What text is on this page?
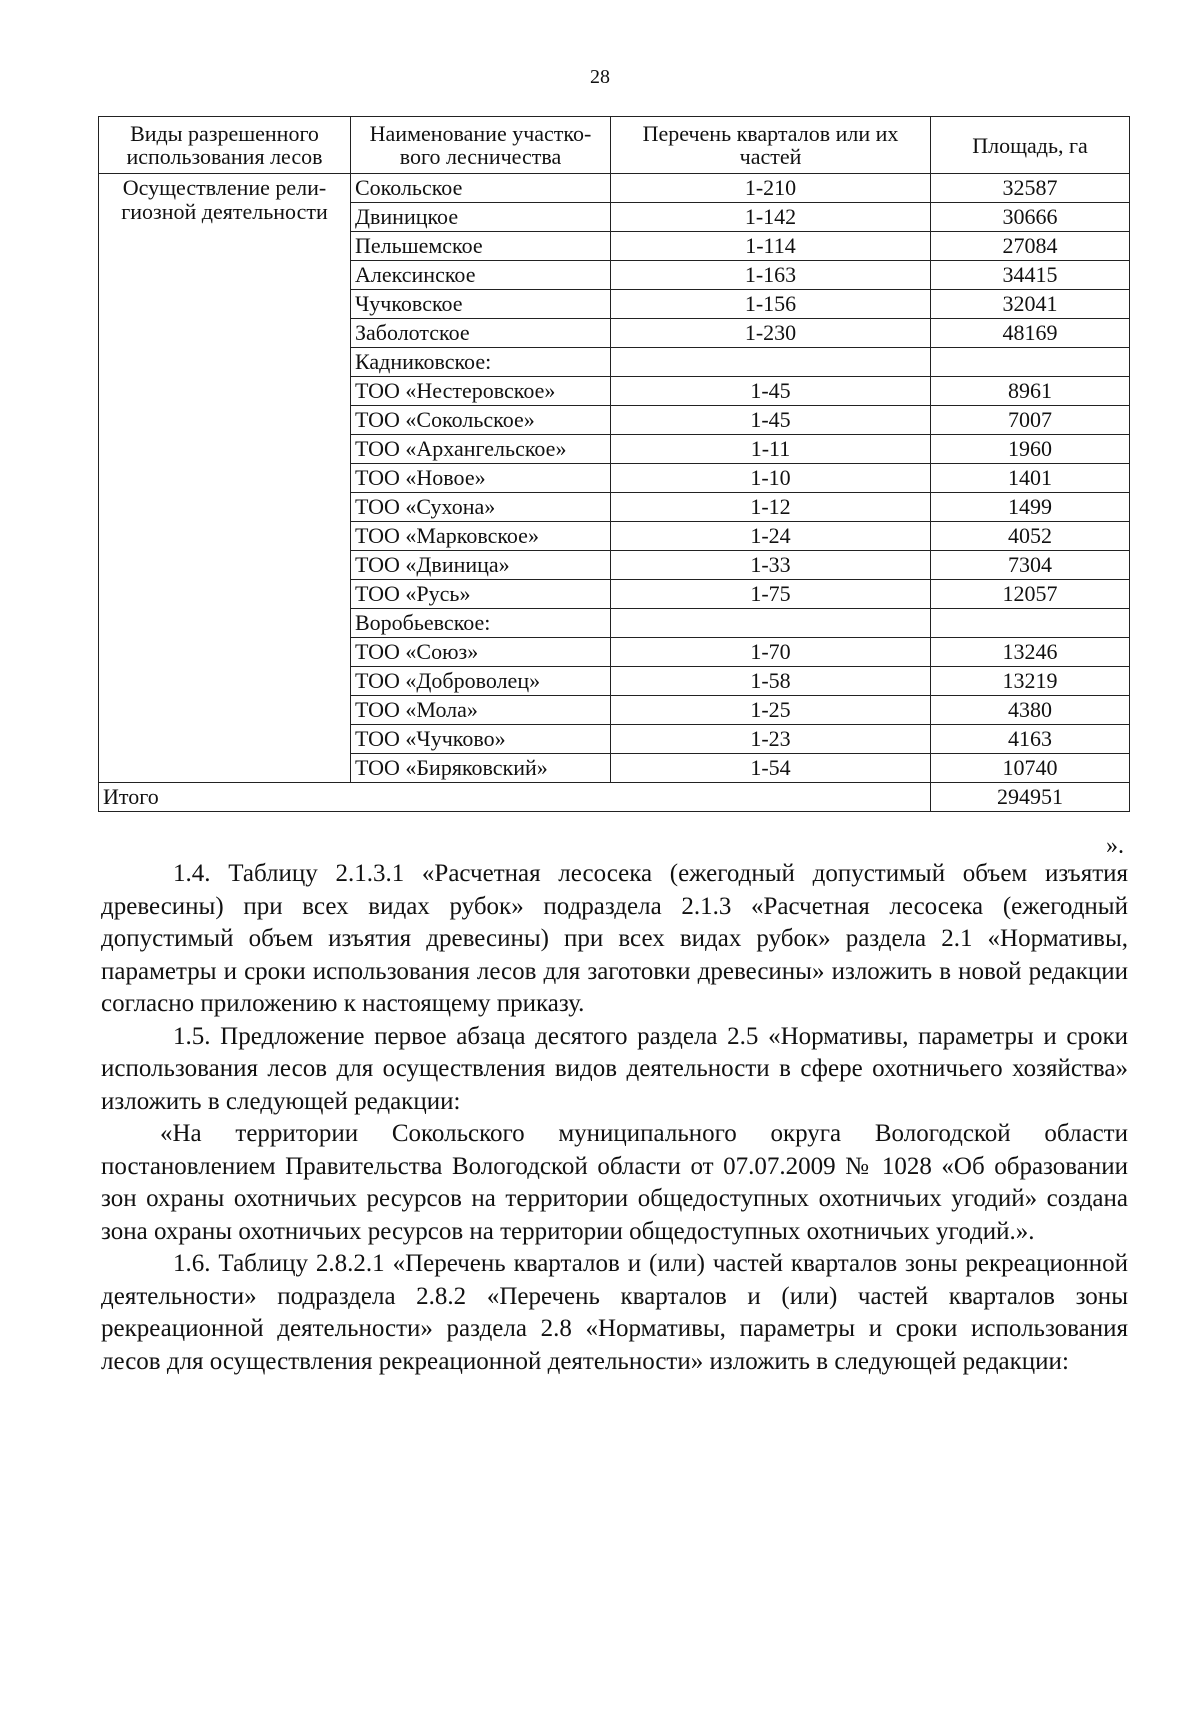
28
Виды разрешенного использования лесов	Наименование участко-вого лесничества	Перечень кварталов или их частей	Площадь, га
Осуществление рели-гиозной деятельности	Сокольское	1-210	32587
	Двиницкое	1-142	30666
	Пельшемское	1-114	27084
	Алексинское	1-163	34415
	Чучковское	1-156	32041
	Заболотское	1-230	48169
	Кадниковское:		
	ТОО «Нестеровское»	1-45	8961
	ТОО «Сокольское»	1-45	7007
	ТОО «Архангельское»	1-11	1960
	ТОО «Новое»	1-10	1401
	ТОО «Сухона»	1-12	1499
	ТОО «Марковское»	1-24	4052
	ТОО «Двиница»	1-33	7304
	ТОО «Русь»	1-75	12057
	Воробьевское:		
	ТОО «Союз»	1-70	13246
	ТОО «Доброволец»	1-58	13219
	ТОО «Мола»	1-25	4380
	ТОО «Чучково»	1-23	4163
	ТОО «Биряковский»	1-54	10740
Итого			294951
».

1.4. Таблицу 2.1.3.1 «Расчетная лесосека (ежегодный допустимый объем изъятия древесины) при всех видах рубок» подраздела 2.1.3 «Расчетная лесосека (ежегодный допустимый объем изъятия древесины) при всех видах рубок» раздела 2.1 «Нормативы, параметры и сроки использования лесов для заготовки древесины» изложить в новой редакции согласно приложению к настоящему приказу.

1.5. Предложение первое абзаца десятого раздела 2.5 «Нормативы, параметры и сроки использования лесов для осуществления видов деятельности в сфере охотничьего хозяйства» изложить в следующей редакции:

«На территории Сокольского муниципального округа Вологодской области постановлением Правительства Вологодской области от 07.07.2009 № 1028 «Об образовании зон охраны охотничьих ресурсов на территории общедоступных охотничьих угодий» создана зона охраны охотничьих ресурсов на территории общедоступных охотничьих угодий.».

1.6. Таблицу 2.8.2.1 «Перечень кварталов и (или) частей кварталов зоны рекреационной деятельности» подраздела 2.8.2 «Перечень кварталов и (или) частей кварталов зоны рекреационной деятельности» раздела 2.8 «Нормативы, параметры и сроки использования лесов для осуществления рекреационной деятельности» изложить в следующей редакции:
